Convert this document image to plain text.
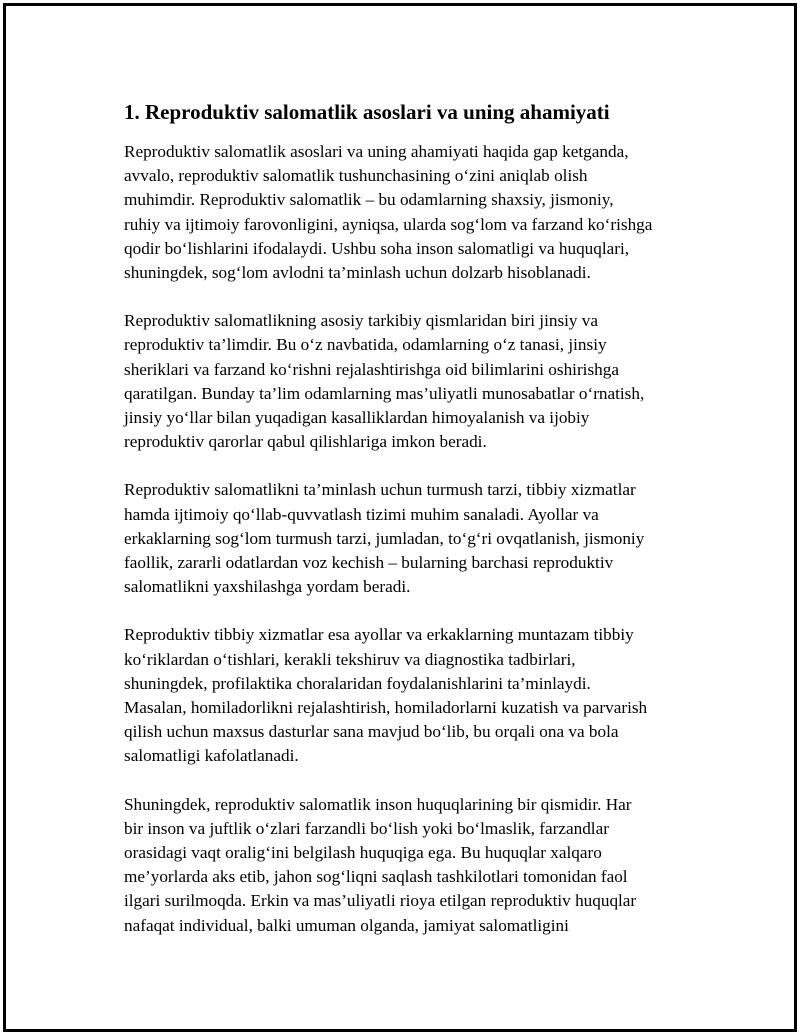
1. Reproduktiv salomatlik asoslari va uning ahamiyati

Reproduktiv salomatlik asoslari va uning ahamiyati haqida gap ketganda,
avvalo, reproduktiv salomatlik tushunchasining o‘zini aniqlab olish
muhimdir. Reproduktiv salomatlik – bu odamlarning shaxsiy, jismoniy,
ruhiy va ijtimoiy farovonligini, ayniqsa, ularda sog‘lom va farzand ko‘rishga
qodir bo‘lishlarini ifodalaydi. Ushbu soha inson salomatligi va huquqlari,
shuningdek, sog‘lom avlodni ta’minlash uchun dolzarb hisoblanadi.

Reproduktiv salomatlikning asosiy tarkibiy qismlaridan biri jinsiy va
reproduktiv ta’limdir. Bu o‘z navbatida, odamlarning o‘z tanasi, jinsiy
sheriklari va farzand ko‘rishni rejalashtirishga oid bilimlarini oshirishga
qaratilgan. Bunday ta’lim odamlarning mas’uliyatli munosabatlar o‘rnatish,
jinsiy yo‘llar bilan yuqadigan kasalliklardan himoyalanish va ijobiy
reproduktiv qarorlar qabul qilishlariga imkon beradi.

Reproduktiv salomatlikni ta’minlash uchun turmush tarzi, tibbiy xizmatlar
hamda ijtimoiy qo‘llab-quvvatlash tizimi muhim sanaladi. Ayollar va
erkaklarning sog‘lom turmush tarzi, jumladan, to‘g‘ri ovqatlanish, jismoniy
faollik, zararli odatlardan voz kechish – bularning barchasi reproduktiv
salomatlikni yaxshilashga yordam beradi.

Reproduktiv tibbiy xizmatlar esa ayollar va erkaklarning muntazam tibbiy
ko‘riklardan o‘tishlari, kerakli tekshiruv va diagnostika tadbirlari,
shuningdek, profilaktika choralaridan foydalanishlarini ta’minlaydi.
Masalan, homiladorlikni rejalashtirish, homiladorlarni kuzatish va parvarish
qilish uchun maxsus dasturlar sana mavjud bo‘lib, bu orqali ona va bola
salomatligi kafolatlanadi.

Shuningdek, reproduktiv salomatlik inson huquqlarining bir qismidir. Har
bir inson va juftlik o‘zlari farzandli bo‘lish yoki bo‘lmaslik, farzandlar
orasidagi vaqt oralig‘ini belgilash huquqiga ega. Bu huquqlar xalqaro
me’yorlarda aks etib, jahon sog‘liqni saqlash tashkilotlari tomonidan faol
ilgari surilmoqda. Erkin va mas’uliyatli rioya etilgan reproduktiv huquqlar
nafaqat individual, balki umuman olganda, jamiyat salomatligini
